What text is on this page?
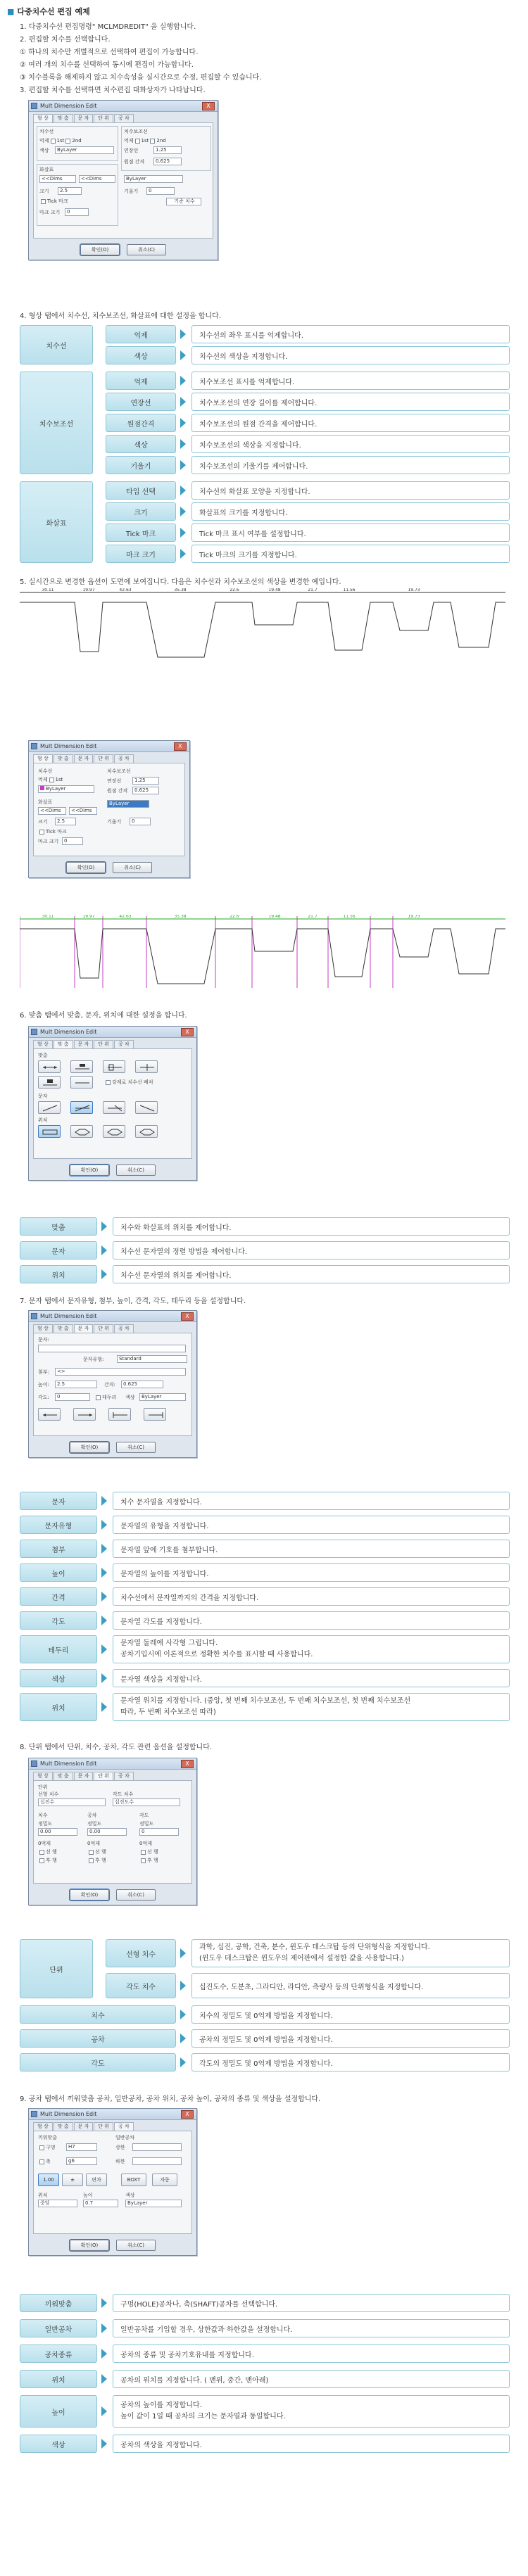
■ 다중치수선 편집 예제
1. 다중치수선 편집명령" MCLMDREDIT" 을 실행합니다.
2. 편집할 치수를 선택합니다.
① 하나의 치수만 개별적으로 선택하여 편집이 가능합니다.
② 여러 개의 치수를 선택하여 동시에 편집이 가능합니다.
③ 치수블록을 해제하지 않고 치수속성을 실시간으로 수정, 편집할 수 있습니다.
3. 편집할 치수를 선택하면 치수편집 대화상자가 나타납니다.
Mult Dimension Edit	X
형 상	맞 춤	문 자	단 위	공 차
치수선
억제 1st 2nd
색상	ByLayer
치수보조선
억제 1st 2nd
연장선	1.25
원점 간격	0.625
화살표
<<Dims	<<Dims
크기	2.5
Tick 마크
마크 크기	0
ByLayer
기울기	0
기준 치수
확인(O)	취소(C)
4. 형상 탭에서 치수선, 치수보조선, 화살표에 대한 설정을 합니다.
치수선
억제	치수선의 좌우 표시를 억제합니다.
색상	치수선의 색상을 지정합니다.
치수보조선
억제	치수보조선 표시를 억제합니다.
연장선	치수보조선의 연장 길이를 제어합니다.
원점간격	치수보조선의 원점 간격을 제어합니다.
색상	치수보조선의 색상을 지정합니다.
기울기	치수보조선의 기울기를 제어합니다.
화살표
타입 선택	치수선의 화살표 모양을 지정합니다.
크기	화살표의 크기를 지정합니다.
Tick 마크	Tick 마크 표시 여부를 설정합니다.
마크 크기	Tick 마크의 크기를 지정합니다.
5. 실시간으로 변경한 옵션이 도면에 보여집니다. 다음은 치수선과 치수보조선의 색상을 변경한 예입니다.
30.11	19.97	42.63	35.38	22.6	19.48	21.7	11.56	19.73
Mult Dimension Edit	X
형 상	맞 춤	문 자	단 위	공 차
치수선
억제 1st
ByLayer
치수보조선
연장선	1.25
원점 간격	0.625
화살표
<<Dims	<<Dims
ByLayer
크기	2.5	기울기	0
Tick 마크
마크 크기	0
확인(O)	취소(C)
30.11	19.97	42.63	35.38	22.6	19.48	21.7	11.56	19.73
6. 맞춤 탭에서 맞춤, 문자, 위치에 대한 설정을 합니다.
Mult Dimension Edit	X
형 상	맞 춤	문 자	단 위	공 차
맞춤
강제로 치수선 배치
문자
위치
확인(O)	취소(C)
맞춤	치수와 화살표의 위치를 제어합니다.
문자	치수선 문자열의 정렬 방법을 제어합니다.
위치	치수선 문자열의 위치를 제어합니다.
7. 문자 탭에서 문자유형, 첨부, 높이, 간격, 각도, 테두리 등을 설정합니다.
Mult Dimension Edit	X
형 상	맞 춤	문 자	단 위	공 차
문자:
문자유형:	Standard
첨부:	<>
높이:	2.5	간격:	0.625
각도:	0	테두리 색상	ByLayer
확인(O)	취소(C)
문자	치수 문자열을 지정합니다.
문자유형	문자열의 유형을 지정합니다.
첨부	문자열 앞에 기호를 첨부합니다.
높이	문자열의 높이를 지정합니다.
간격	치수선에서 문자열까지의 간격을 지정합니다.
각도	문자열 각도를 지정합니다.
테두리
문자열 둘레에 사각형 그립니다.
공차기입시에 이론적으로 정확한 치수를 표시할 때 사용합니다.
색상	문자열 색상을 지정합니다.
위치
문자열 위치를 지정합니다. (중앙, 첫 번째 치수보조선, 두 번째 치수보조선, 첫 번째 치수보조선
따라, 두 번째 치수보조선 따라)
8. 단위 탭에서 단위, 치수, 공차, 각도 관련 옵션을 설정합니다.
Mult Dimension Edit	X
형 상	맞 춤	문 자	단 위	공 차
단위
선형 치수
십진수
각도 치수
십진도수
치수	공차	각도
정밀도	정밀도	정밀도
0.00	0.00	0
0억제	0억제	0억제
선 행
후 행
선 행
후 행
선 행
후 행
확인(O)	취소(C)
단위
선형 치수
과학, 십진, 공학, 건축, 분수, 윈도우 데스크탑 등의 단위형식을 지정합니다.
(윈도우 데스크탑은 윈도우의 제어판에서 설정한 값을 사용합니다.)
각도 치수	십진도수, 도분초, 그라디안, 라디안, 측량사 등의 단위형식을 지정합니다.
치수	치수의 정밀도 및 0억제 방법을 지정합니다.
공차	공차의 정밀도 및 0억제 방법을 지정합니다.
각도	각도의 정밀도 및 0억제 방법을 지정합니다.
9. 공차 탭에서 끼워맞춤 공차, 일반공차, 공차 위치, 공차 높이, 공차의 종류 및 색상을 설정합니다.
Mult Dimension Edit	X
형 상	맞 춤	문 자	단 위	공 차
끼워맞춤	일반공차
구멍	H7
축	g6
상한
하한
1.00	±	편차	BOXT	자동
위치	높이	색상
중앙	0.7	ByLayer
확인(O)	취소(C)
끼워맞춤	구멍(HOLE)공차나, 축(SHAFT)공차를 선택합니다.
일반공차	일반공차를 기입할 경우, 상한값과 하한값을 설정합니다.
공차종류	공차의 종류 및 공차기호유내를 지정합니다.
위치	공차의 위치를 지정합니다. ( 맨위, 중간, 맨아래)
높이
공차의 높이를 지정합니다.
높이 값이 1일 때 공차의 크기는 문자열과 동일합니다.
색상	공차의 색상을 지정합니다.
